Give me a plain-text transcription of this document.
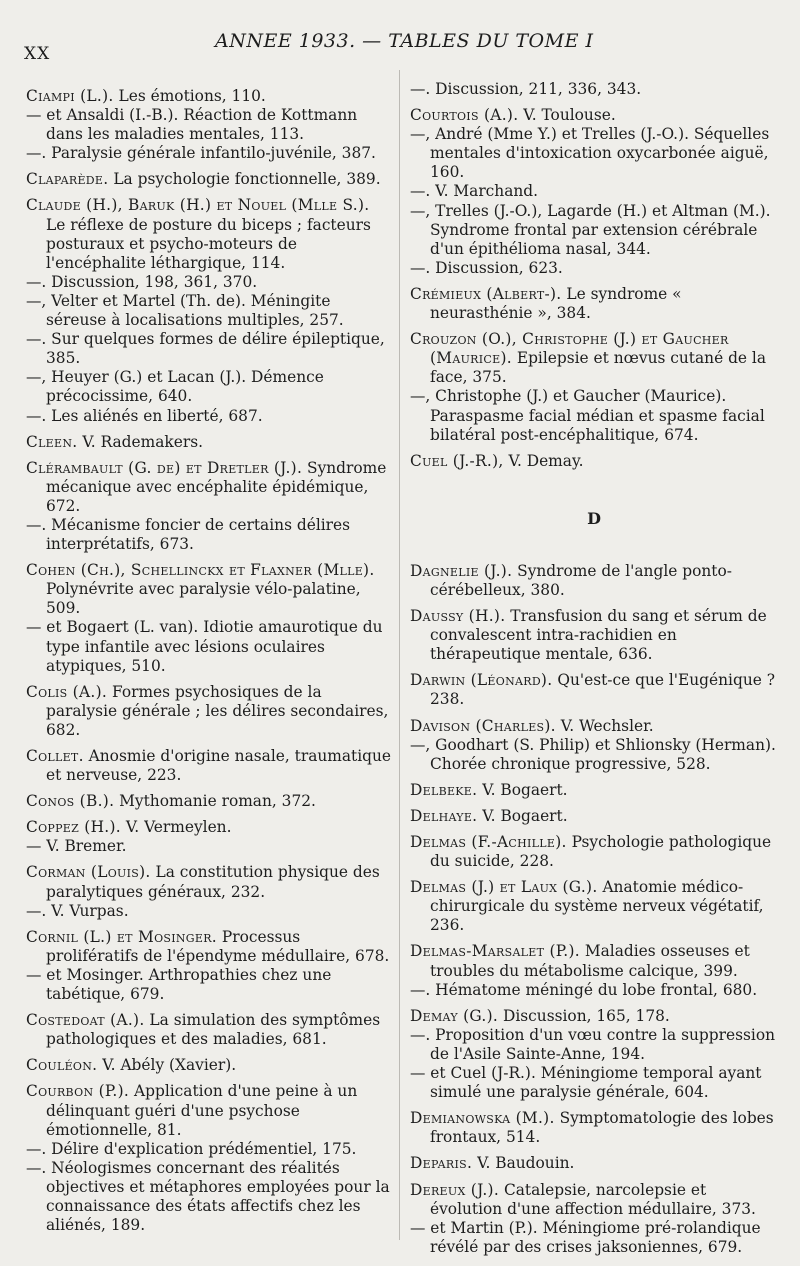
XX
ANNEE 1933. — TABLES DU TOME I
Ciampi (L.). Les émotions, 110.
— et Ansaldi (I.-B.). Réaction de Kottmann dans les maladies mentales, 113.
—. Paralysie générale infantilo-juvénile, 387.
Claparède. La psychologie fonctionnelle, 389.
Claude (H.), Baruk (H.) et Nouel (Mlle S.). Le réflexe de posture du biceps ; facteurs posturaux et psycho-moteurs de l'encéphalite léthargique, 114.
—. Discussion, 198, 361, 370.
—, Velter et Martel (Th. de). Méningite séreuse à localisations multiples, 257.
—. Sur quelques formes de délire épileptique, 385.
—, Heuyer (G.) et Lacan (J.). Démence précocissime, 640.
—. Les aliénés en liberté, 687.
Cleen. V. Rademakers.
Clérambault (G. de) et Dretler (J.). Syndrome mécanique avec encéphalite épidémique, 672.
—. Mécanisme foncier de certains délires interprétatifs, 673.
Cohen (Ch.), Schellinckx et Flaxner (Mlle). Polynévrite avec paralysie vélo-palatine, 509.
— et Bogaert (L. van). Idiotie amaurotique du type infantile avec lésions oculaires atypiques, 510.
Colis (A.). Formes psychosiques de la paralysie générale ; les délires secondaires, 682.
Collet. Anosmie d'origine nasale, traumatique et nerveuse, 223.
Conos (B.). Mythomanie roman, 372.
Coppez (H.). V. Vermeylen.
— V. Bremer.
Corman (Louis). La constitution physique des paralytiques généraux, 232.
—. V. Vurpas.
Cornil (L.) et Mosinger. Processus prolifératifs de l'épendyme médullaire, 678.
— et Mosinger. Arthropathies chez une tabétique, 679.
Costedoat (A.). La simulation des symptômes pathologiques et des maladies, 681.
Couléon. V. Abély (Xavier).
Courbon (P.). Application d'une peine à un délinquant guéri d'une psychose émotionnelle, 81.
—. Délire d'explication prédémentiel, 175.
—. Néologismes concernant des réalités objectives et métaphores employées pour la connaissance des états affectifs chez les aliénés, 189.
—. Discussion, 211, 336, 343.
Courtois (A.). V. Toulouse.
—, André (Mme Y.) et Trelles (J.-O.). Séquelles mentales d'intoxication oxycarbonée aiguë, 160.
—. V. Marchand.
—, Trelles (J.-O.), Lagarde (H.) et Altman (M.). Syndrome frontal par extension cérébrale d'un épithélioma nasal, 344.
—. Discussion, 623.
Crémieux (Albert-). Le syndrome « neurasthénie », 384.
Crouzon (O.), Christophe (J.) et Gaucher (Maurice). Epilepsie et nœvus cutané de la face, 375.
—, Christophe (J.) et Gaucher (Maurice). Paraspasme facial médian et spasme facial bilatéral post-encéphalitique, 674.
Cuel (J.-R.), V. Demay.
D
Dagnelie (J.). Syndrome de l'angle ponto-cérébelleux, 380.
Daussy (H.). Transfusion du sang et sérum de convalescent intra-rachidien en thérapeutique mentale, 636.
Darwin (Léonard). Qu'est-ce que l'Eugénique ? 238.
Davison (Charles). V. Wechsler.
—, Goodhart (S. Philip) et Shlionsky (Herman). Chorée chronique progressive, 528.
Delbeke. V. Bogaert.
Delhaye. V. Bogaert.
Delmas (F.-Achille). Psychologie pathologique du suicide, 228.
Delmas (J.) et Laux (G.). Anatomie médico-chirurgicale du système nerveux végétatif, 236.
Delmas-Marsalet (P.). Maladies osseuses et troubles du métabolisme calcique, 399.
—. Hématome méningé du lobe frontal, 680.
Demay (G.). Discussion, 165, 178.
—. Proposition d'un vœu contre la suppression de l'Asile Sainte-Anne, 194.
— et Cuel (J-R.). Méningiome temporal ayant simulé une paralysie générale, 604.
Demianowska (M.). Symptomatologie des lobes frontaux, 514.
Deparis. V. Baudouin.
Dereux (J.). Catalepsie, narcolepsie et évolution d'une affection médullaire, 373.
— et Martin (P.). Méningiome pré-rolandique révélé par des crises jaksoniennes, 679.
